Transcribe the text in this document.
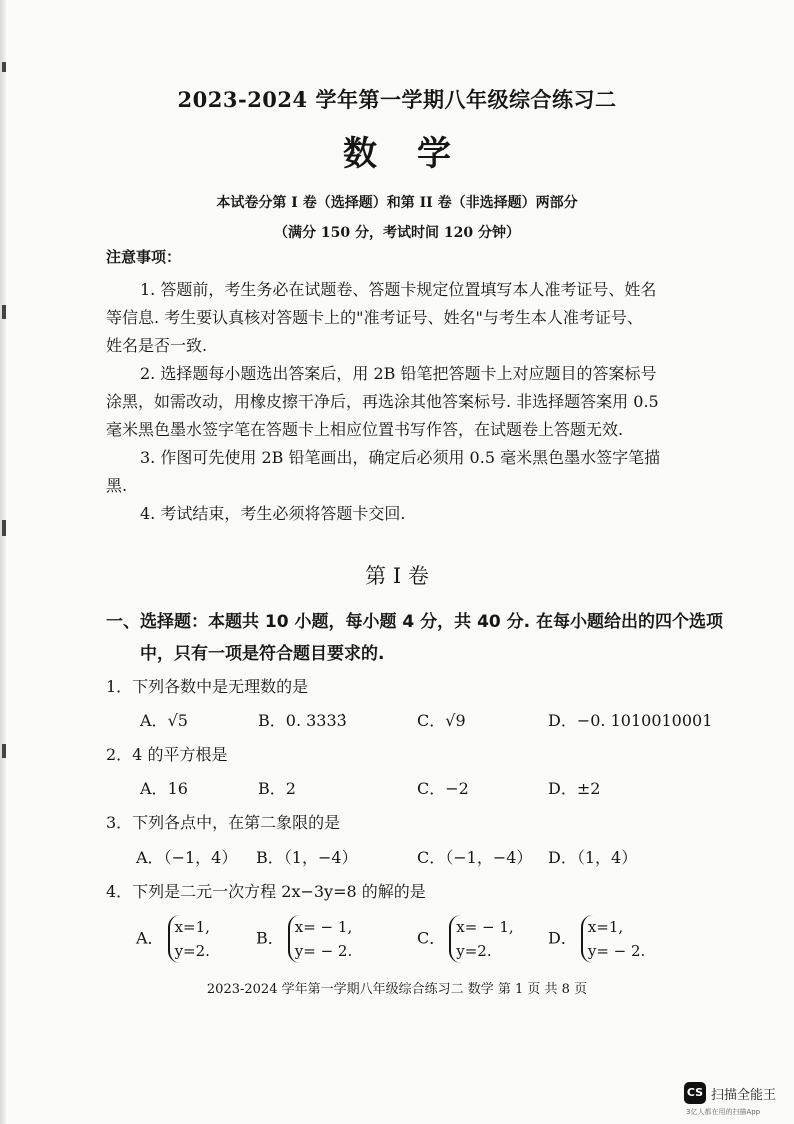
2023-2024 学年第一学期八年级综合练习二
数学
本试卷分第 I 卷（选择题）和第 II 卷（非选择题）两部分
（满分 150 分，考试时间 120 分钟）
注意事项：
1. 答题前，考生务必在试题卷、答题卡规定位置填写本人准考证号、姓名
等信息. 考生要认真核对答题卡上的"准考证号、姓名"与考生本人准考证号、
姓名是否一致.
2. 选择题每小题选出答案后，用 2B 铅笔把答题卡上对应题目的答案标号
涂黑，如需改动，用橡皮擦干净后，再选涂其他答案标号. 非选择题答案用 0.5
毫米黑色墨水签字笔在答题卡上相应位置书写作答，在试题卷上答题无效.
3. 作图可先使用 2B 铅笔画出，确定后必须用 0.5 毫米黑色墨水签字笔描
黑.
4. 考试结束，考生必须将答题卡交回.
第 I 卷
一、选择题：本题共 10 小题，每小题 4 分，共 40 分. 在每小题给出的四个选项
中，只有一项是符合题目要求的.
1．下列各数中是无理数的是
A．√5	B．0. 3333̇	C．√9	D．−0. 1010010001
2．4 的平方根是
A．16	B．2	C．−2	D．±2
3．下列各点中，在第二象限的是
A．（−1，4） B．（1，−4）	C．（−1，−4） D．（1，4）
4．下列是二元一次方程 2x−3y=8 的解的是
A．x=1,
y=2.
B．x= − 1,
y= − 2.
C．x= − 1,
y=2.
D．x=1,
y= − 2.
2023-2024 学年第一学期八年级综合练习二 数学 第 1 页 共 8 页
CS 扫描全能王
3亿人都在用的扫描App
